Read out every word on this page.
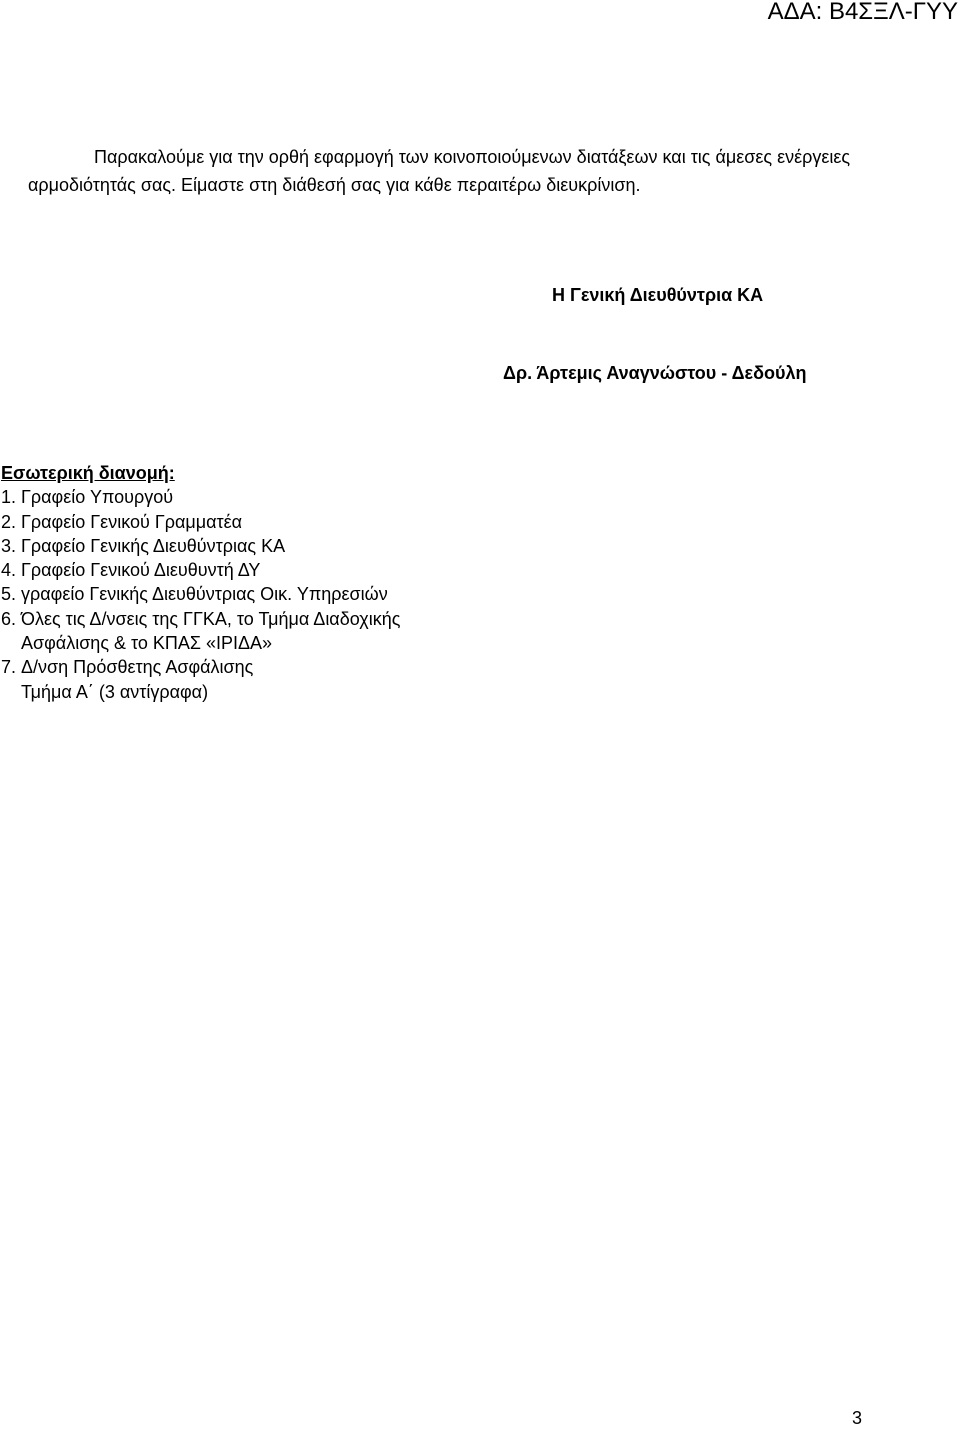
ΑΔΑ: Β4ΣΞΛ-ΓΥΥ

Παρακαλούμε για την ορθή εφαρμογή των κοινοποιούμενων διατάξεων και τις άμεσες ενέργειες αρμοδιότητάς σας. Είμαστε στη διάθεσή σας για κάθε περαιτέρω διευκρίνιση.

Η Γενική Διευθύντρια ΚΑ
Δρ. Άρτεμις Αναγνώστου - Δεδούλη
Εσωτερική διανομή:
1. Γραφείο Υπουργού
2. Γραφείο Γενικού Γραμματέα
3. Γραφείο Γενικής Διευθύντριας ΚΑ
4. Γραφείο Γενικού Διευθυντή ΔΥ
5. γραφείο Γενικής Διευθύντριας Οικ. Υπηρεσιών
6. Όλες τις Δ/νσεις της ΓΓΚΑ, το Τμήμα Διαδοχικής
Ασφάλισης & το ΚΠΑΣ «ΙΡΙΔΑ»
7. Δ/νση Πρόσθετης Ασφάλισης
Τμήμα Α΄ (3 αντίγραφα)
3
